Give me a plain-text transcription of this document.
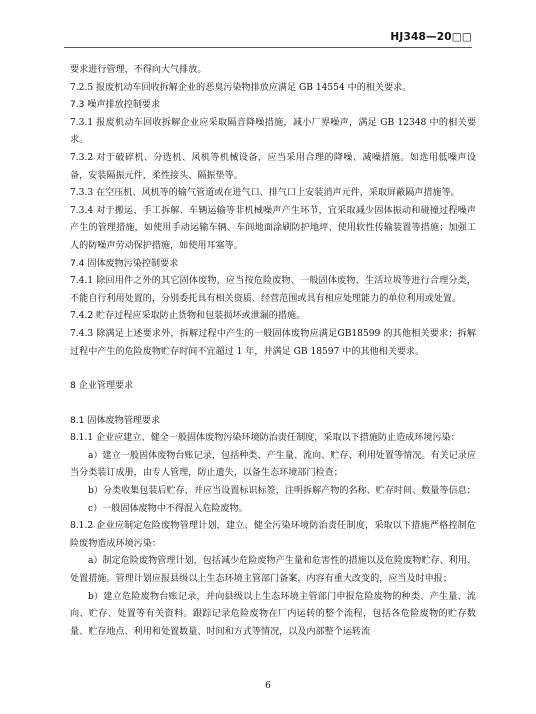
HJ348—20□□

要求进行管理，不得向大气排放。

7.2.5 报废机动车回收拆解企业的恶臭污染物排放应满足 GB 14554 中的相关要求。

7.3 噪声排放控制要求

7.3.1 报废机动车回收拆解企业应采取隔音降噪措施，减小厂界噪声，满足 GB 12348 中的相关要求。

7.3.2 对于破碎机、分选机、风机等机械设备，应当采用合理的降噪、减噪措施。如选用低噪声设备，安装隔振元件，柔性接头、隔振垫等。

7.3.3 在空压机、风机等的输气管道或在进气口、排气口上安装消声元件，采取屏蔽隔声措施等。

7.3.4 对于搬运、手工拆解、车辆运输等非机械噪声产生环节，宜采取减少固体振动和碰撞过程噪声产生的管理措施，如使用手动运输车辆、车间地面涂刷防护地坪、使用软性传输装置等措施；加强工人的防噪声劳动保护措施，如使用耳塞等。

7.4 固体废物污染控制要求

7.4.1 除回用件之外的其它固体废物，应当按危险废物、一般固体废物、生活垃圾等进行合理分类，不能自行利用处置的，分别委托具有相关资质、经营范围或具有相应处理能力的单位利用或处置。

7.4.2 贮存过程应采取防止货物和包装损坏或泄漏的措施。

7.4.3 除满足上述要求外，拆解过程中产生的一般固体废物应满足GB18599 的其他相关要求；拆解过程中产生的危险废物贮存时间不宜超过 1 年，并满足 GB 18597 中的其他相关要求。

8 企业管理要求

8.1 固体废物管理要求

8.1.1 企业应建立、健全一般固体废物污染环境防治责任制度，采取以下措施防止造成环境污染：

a）建立一般固体废物台账记录，包括种类、产生量、流向、贮存、利用处置等情况。有关记录应当分类装订成册，由专人管理，防止遗失，以备生态环境部门检查；

b）分类收集包装后贮存，并应当设置标识标签，注明拆解产物的名称、贮存时间、数量等信息；

c）一般固体废物中不得混入危险废物。

8.1.2 企业应制定危险废物管理计划，建立、健全污染环境防治责任制度，采取以下措施严格控制危险废物造成环境污染：

a）制定危险废物管理计划，包括减少危险废物产生量和危害性的措施以及危险废物贮存、利用、处置措施。管理计划应报县级以上生态环境主管部门备案，内容有重大改变的，应当及时申报；

b）建立危险废物台账记录，并向县级以上生态环境主管部门申报危险废物的种类、产生量、流向、贮存、处置等有关资料。跟踪记录危险废物在厂内运转的整个流程，包括各危险废物的贮存数量、贮存地点、利用和处置数量、时间和方式等情况，以及内部整个运转流

6
